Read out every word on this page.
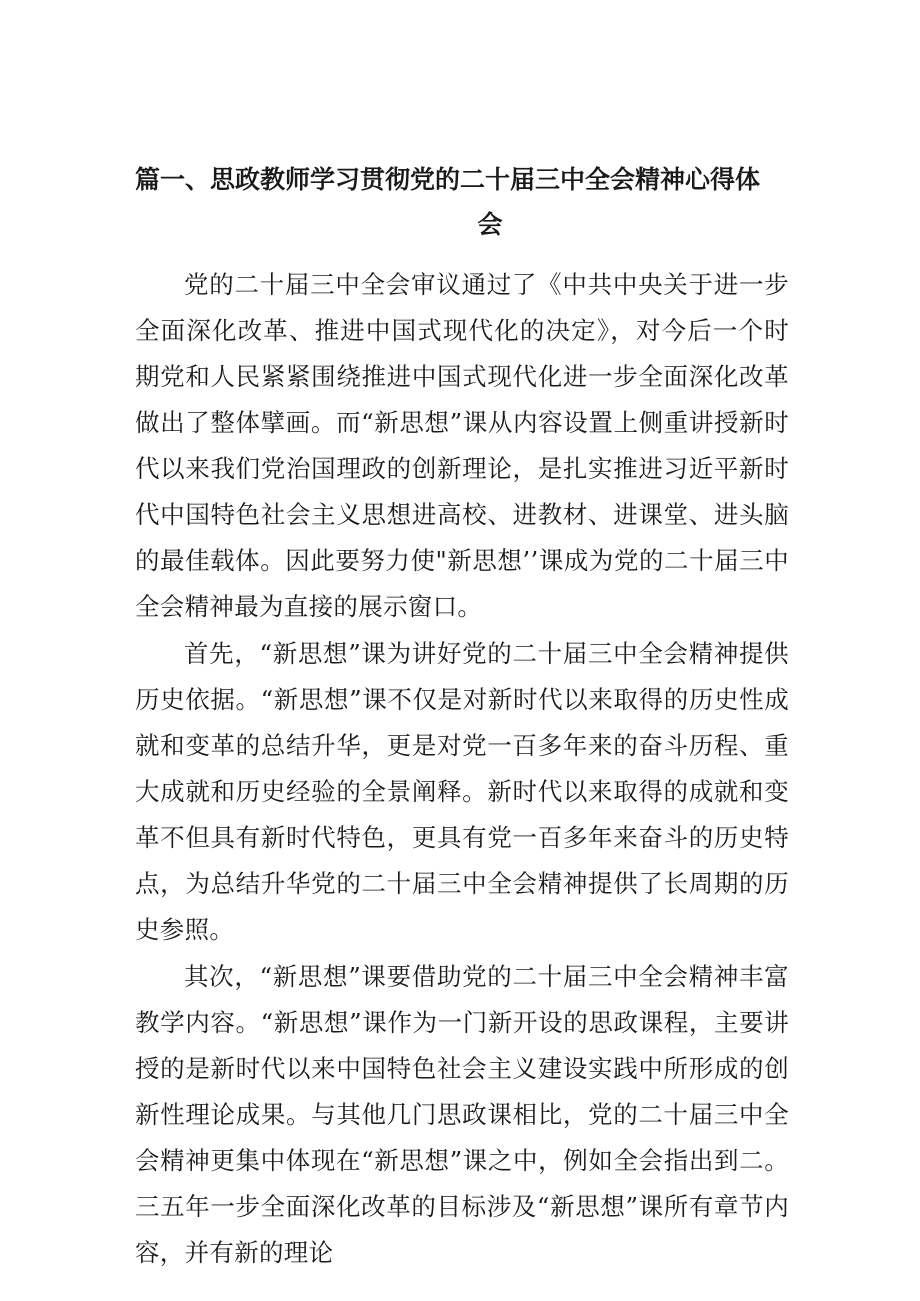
篇一、思政教师学习贯彻党的二十届三中全会精神心得体
会

党的二十届三中全会审议通过了《中共中央关于进一步全面深化改革、推进中国式现代化的决定》，对今后一个时期党和人民紧紧围绕推进中国式现代化进一步全面深化改革做出了整体擘画。而“新思想”课从内容设置上侧重讲授新时代以来我们党治国理政的创新理论，是扎实推进习近平新时代中国特色社会主义思想进高校、进教材、进课堂、进头脑的最佳载体。因此要努力使"新思想’’课成为党的二十届三中全会精神最为直接的展示窗口。

首先，“新思想”课为讲好党的二十届三中全会精神提供历史依据。“新思想”课不仅是对新时代以来取得的历史性成就和变革的总结升华，更是对党一百多年来的奋斗历程、重大成就和历史经验的全景阐释。新时代以来取得的成就和变革不但具有新时代特色，更具有党一百多年来奋斗的历史特点，为总结升华党的二十届三中全会精神提供了长周期的历史参照。

其次，“新思想”课要借助党的二十届三中全会精神丰富教学内容。“新思想”课作为一门新开设的思政课程，主要讲授的是新时代以来中国特色社会主义建设实践中所形成的创新性理论成果。与其他几门思政课相比，党的二十届三中全会精神更集中体现在“新思想”课之中，例如全会指出到二。三五年一步全面深化改革的目标涉及“新思想”课所有章节内容，并有新的理论
